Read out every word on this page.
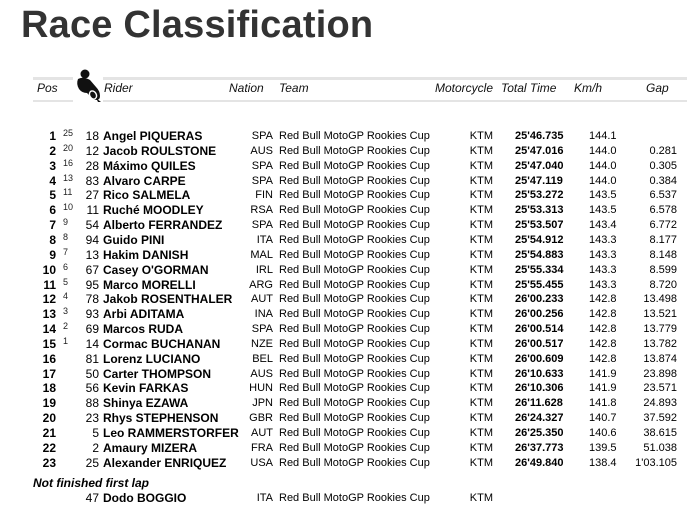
Race Classification
Pos	Rider	Nation Team	Motorcycle Total Time Km/h	Gap
1 25 18 Angel PIQUERAS	SPA Red Bull MotoGP Rookies Cup	KTM 25'46.735 144.1
2 20 12 Jacob ROULSTONE	AUS Red Bull MotoGP Rookies Cup	KTM 25'47.016 144.0	0.281
3 16 28 Máximo QUILES	SPA Red Bull MotoGP Rookies Cup	KTM 25'47.040 144.0	0.305
4 13 83 Alvaro CARPE	SPA Red Bull MotoGP Rookies Cup	KTM 25'47.119 144.0	0.384
5 11 27 Rico SALMELA	FIN Red Bull MotoGP Rookies Cup	KTM 25'53.272 143.5	6.537
6 10 11 Ruché MOODLEY	RSA Red Bull MotoGP Rookies Cup	KTM 25'53.313 143.5	6.578
7 9 54 Alberto FERRANDEZ	SPA Red Bull MotoGP Rookies Cup	KTM 25'53.507 143.4	6.772
8 8 94 Guido PINI	ITA Red Bull MotoGP Rookies Cup	KTM 25'54.912 143.3	8.177
9 7 13 Hakim DANISH	MAL Red Bull MotoGP Rookies Cup	KTM 25'54.883 143.3	8.148
10 6 67 Casey O'GORMAN	IRL Red Bull MotoGP Rookies Cup	KTM 25'55.334 143.3	8.599
11 5 95 Marco MORELLI	ARG Red Bull MotoGP Rookies Cup	KTM 25'55.455 143.3	8.720
12 4 78 Jakob ROSENTHALER AUT Red Bull MotoGP Rookies Cup	KTM 26'00.233 142.8 13.498
13 3 93 Arbi ADITAMA	INA Red Bull MotoGP Rookies Cup	KTM 26'00.256 142.8 13.521
14 2 69 Marcos RUDA	SPA Red Bull MotoGP Rookies Cup	KTM 26'00.514 142.8 13.779
15 1 14 Cormac BUCHANAN	NZE Red Bull MotoGP Rookies Cup	KTM 26'00.517 142.8 13.782
16 81 Lorenz LUCIANO	BEL Red Bull MotoGP Rookies Cup	KTM 26'00.609 142.8 13.874
17 50 Carter THOMPSON	AUS Red Bull MotoGP Rookies Cup	KTM 26'10.633 141.9 23.898
18 56 Kevin FARKAS	HUN Red Bull MotoGP Rookies Cup	KTM 26'10.306 141.9 23.571
19 88 Shinya EZAWA	JPN Red Bull MotoGP Rookies Cup	KTM 26'11.628 141.8 24.893
20 23 Rhys STEPHENSON	GBR Red Bull MotoGP Rookies Cup	KTM 26'24.327 140.7 37.592
21	5 Leo RAMMERSTORFER AUT Red Bull MotoGP Rookies Cup	KTM 26'25.350 140.6 38.615
22	2 Amaury MIZERA	FRA Red Bull MotoGP Rookies Cup	KTM 26'37.773 139.5 51.038
23 25 Alexander ENRIQUEZ USA Red Bull MotoGP Rookies Cup	KTM 26'49.840 138.4 1'03.105
Not finished first lap
47 Dodo BOGGIO	ITA Red Bull MotoGP Rookies Cup	KTM
